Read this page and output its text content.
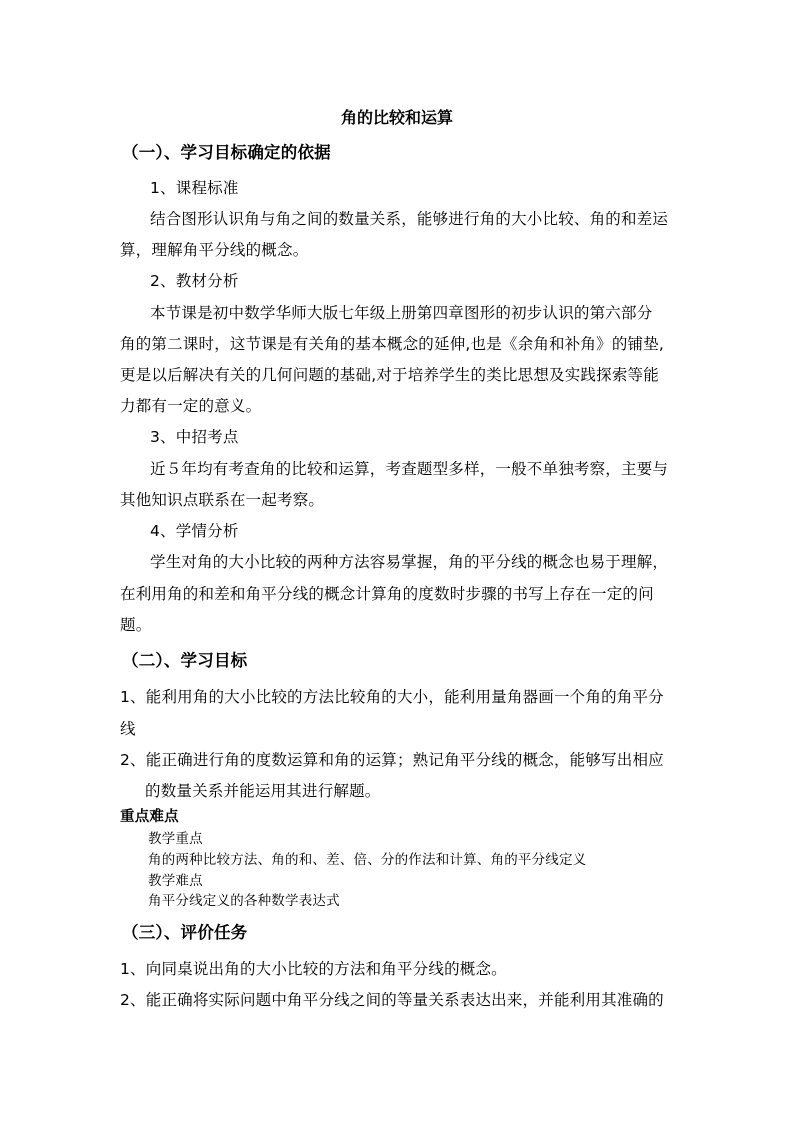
角的比较和运算
（一）、学习目标确定的依据
1、课程标准
结合图形认识角与角之间的数量关系，能够进行角的大小比较、角的和差运
算，理解角平分线的概念。
2、教材分析
本节课是初中数学华师大版七年级上册第四章图形的初步认识的第六部分
角的第二课时，这节课是有关角的基本概念的延伸,也是《余角和补角》的铺垫,
更是以后解决有关的几何问题的基础,对于培养学生的类比思想及实践探索等能
力都有一定的意义。
3、中招考点
近５年均有考查角的比较和运算，考查题型多样，一般不单独考察，主要与
其他知识点联系在一起考察。
4、学情分析
学生对角的大小比较的两种方法容易掌握，角的平分线的概念也易于理解，
在利用角的和差和角平分线的概念计算角的度数时步骤的书写上存在一定的问
题。
（二）、学习目标
1、能利用角的大小比较的方法比较角的大小，能利用量角器画一个角的角平分
线
2、能正确进行角的度数运算和角的运算；熟记角平分线的概念，能够写出相应
的数量关系并能运用其进行解题。
重点难点
教学重点
角的两种比较方法、角的和、差、倍、分的作法和计算、角的平分线定义
教学难点
角平分线定义的各种数学表达式
（三）、评价任务
1、向同桌说出角的大小比较的方法和角平分线的概念。
2、能正确将实际问题中角平分线之间的等量关系表达出来，并能利用其准确的
